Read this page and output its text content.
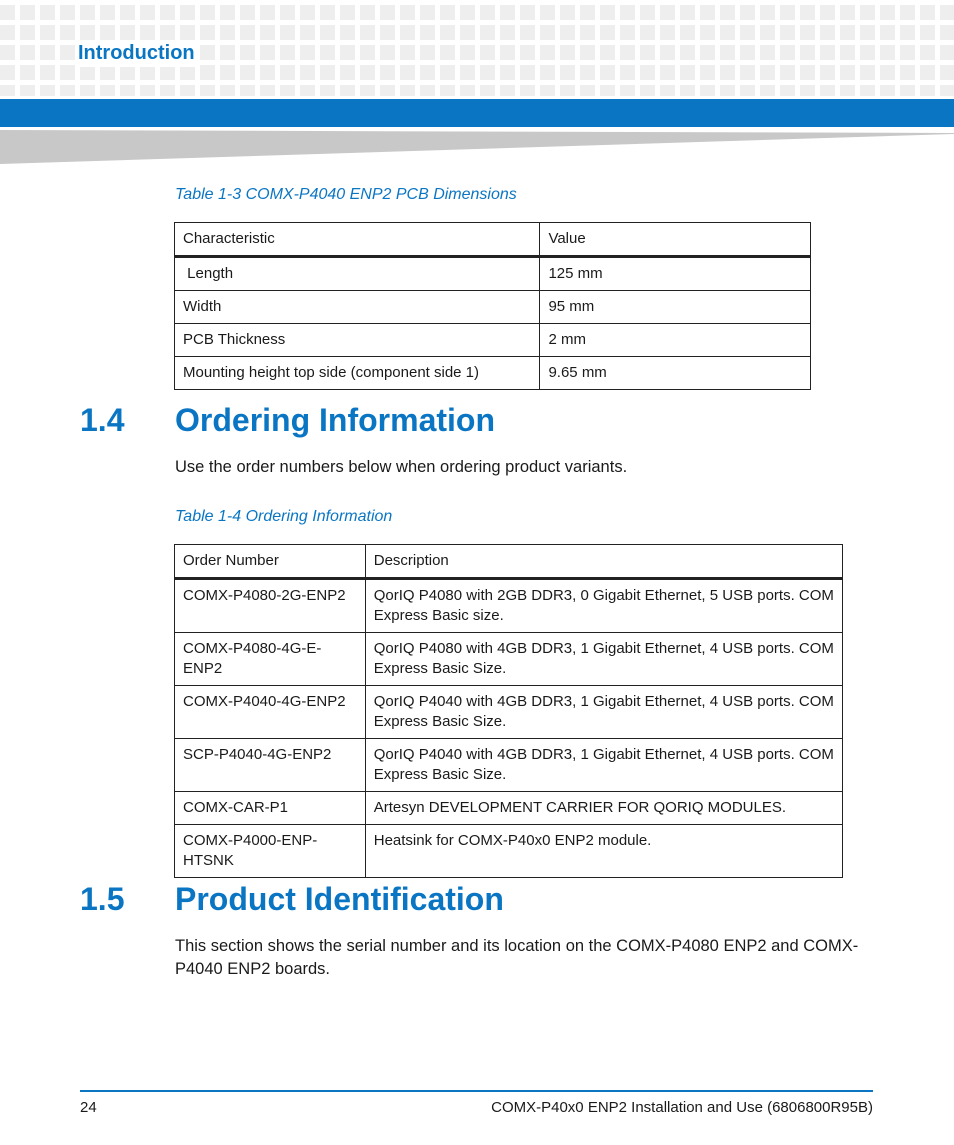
Introduction
Table 1-3 COMX-P4040 ENP2 PCB Dimensions
Characteristic	Value
Length	125 mm
Width	95 mm
PCB Thickness	2 mm
Mounting height top side (component side 1)	9.65 mm
1.4 Ordering Information
Use the order numbers below when ordering product variants.
Table 1-4 Ordering Information
Order Number	Description
COMX-P4080-2G-ENP2	QorIQ P4080 with 2GB DDR3, 0 Gigabit Ethernet, 5 USB ports. COM Express Basic size.
COMX-P4080-4G-E-ENP2	QorIQ P4080 with 4GB DDR3, 1 Gigabit Ethernet, 4 USB ports. COM Express Basic Size.
COMX-P4040-4G-ENP2	QorIQ P4040 with 4GB DDR3, 1 Gigabit Ethernet, 4 USB ports. COM Express Basic Size.
SCP-P4040-4G-ENP2	QorIQ P4040 with 4GB DDR3, 1 Gigabit Ethernet, 4 USB ports. COM Express Basic Size.
COMX-CAR-P1	Artesyn DEVELOPMENT CARRIER FOR QORIQ MODULES.
COMX-P4000-ENP-HTSNK	Heatsink for COMX-P40x0 ENP2 module.
1.5 Product Identification
This section shows the serial number and its location on the COMX-P4080 ENP2 and COMX-P4040 ENP2 boards.
24	COMX-P40x0 ENP2 Installation and Use (6806800R95B)
